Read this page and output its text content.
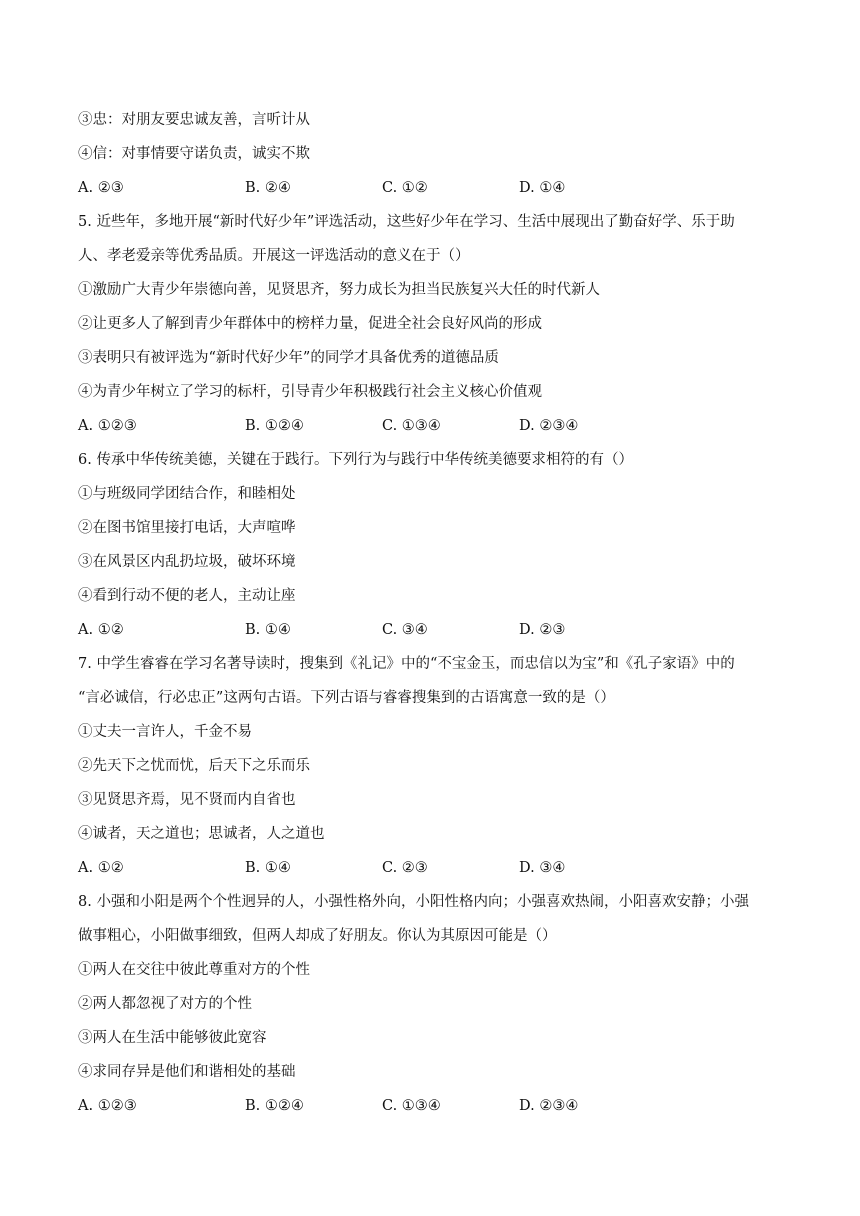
③忠：对朋友要忠诚友善，言听计从
④信：对事情要守诺负责，诚实不欺
A. ②③	B. ②④	C. ①②	D. ①④
5. 近些年，多地开展“新时代好少年”评选活动，这些好少年在学习、生活中展现出了勤奋好学、乐于助
人、孝老爱亲等优秀品质。开展这一评选活动的意义在于（）
①激励广大青少年崇德向善，见贤思齐，努力成长为担当民族复兴大任的时代新人
②让更多人了解到青少年群体中的榜样力量，促进全社会良好风尚的形成
③表明只有被评选为“新时代好少年”的同学才具备优秀的道德品质
④为青少年树立了学习的标杆，引导青少年积极践行社会主义核心价值观
A. ①②③	B. ①②④	C. ①③④	D. ②③④
6. 传承中华传统美德，关键在于践行。下列行为与践行中华传统美德要求相符的有（）
①与班级同学团结合作，和睦相处
②在图书馆里接打电话，大声喧哗
③在风景区内乱扔垃圾，破坏环境
④看到行动不便的老人，主动让座
A. ①②	B. ①④	C. ③④	D. ②③
7. 中学生睿睿在学习名著导读时，搜集到《礼记》中的“不宝金玉，而忠信以为宝”和《孔子家语》中的
“言必诚信，行必忠正”这两句古语。下列古语与睿睿搜集到的古语寓意一致的是（）
①丈夫一言许人，千金不易
②先天下之忧而忧，后天下之乐而乐
③见贤思齐焉，见不贤而内自省也
④诚者，天之道也；思诚者，人之道也
A. ①②	B. ①④	C. ②③	D. ③④
8. 小强和小阳是两个个性迥异的人，小强性格外向，小阳性格内向；小强喜欢热闹，小阳喜欢安静；小强
做事粗心，小阳做事细致，但两人却成了好朋友。你认为其原因可能是（）
①两人在交往中彼此尊重对方的个性
②两人都忽视了对方的个性
③两人在生活中能够彼此宽容
④求同存异是他们和谐相处的基础
A. ①②③	B. ①②④	C. ①③④	D. ②③④
